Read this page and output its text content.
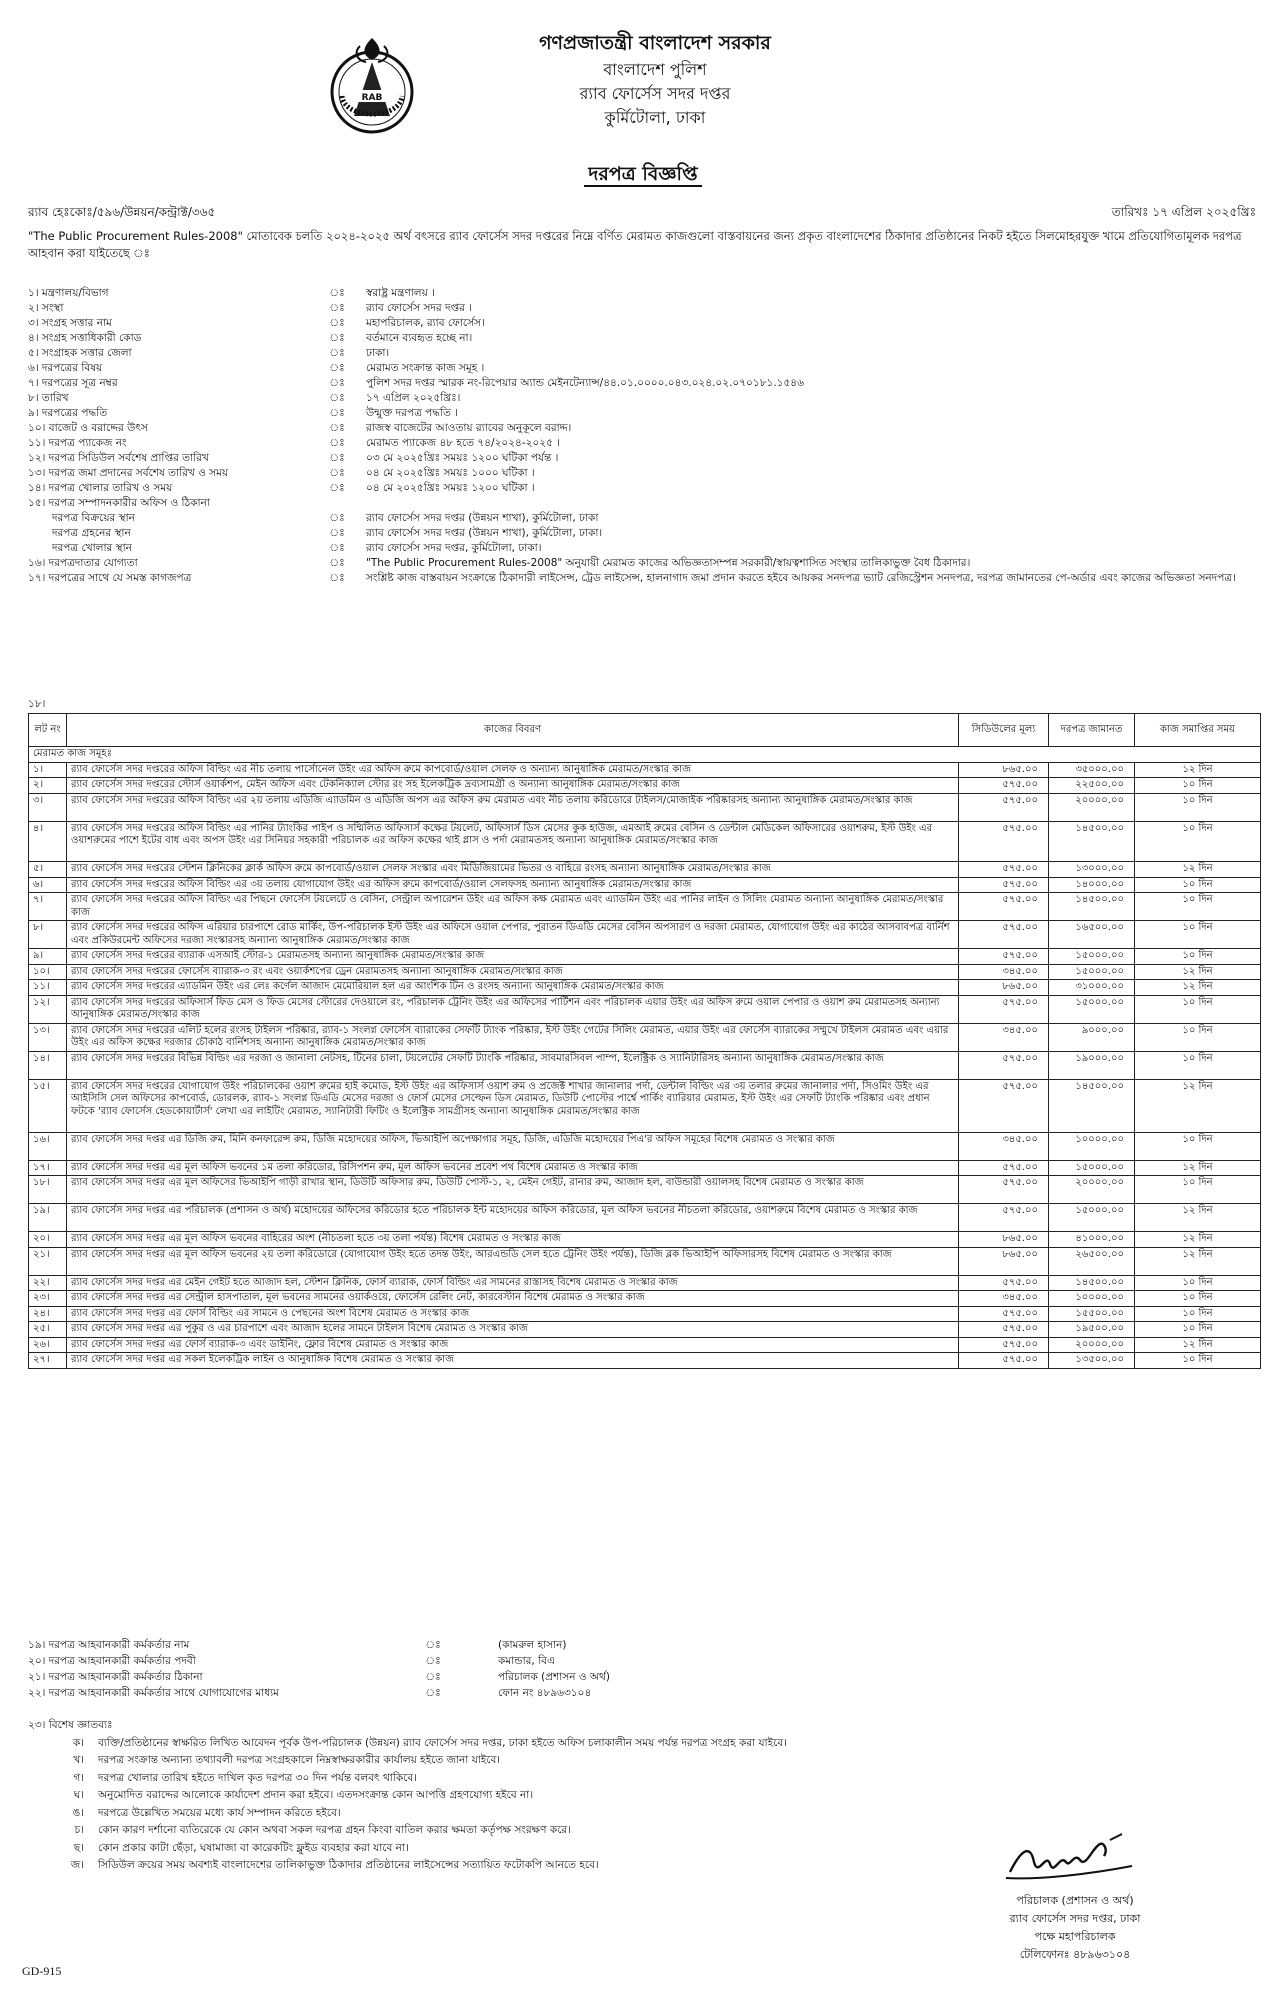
RAB
গণপ্রজাতন্ত্রী বাংলাদেশ সরকার
বাংলাদেশ পুলিশ
র‍্যাব ফোর্সেস সদর দপ্তর
কুর্মিটোলা, ঢাকা
দরপত্র বিজ্ঞপ্তি
র‍্যাব হেঃকোঃ/৫৯৬/উন্নয়ন/কন্ট্রাক্ট/৩৬৫	তারিখঃ ১৭ এপ্রিল ২০২৫খ্রিঃ
"The Public Procurement Rules-2008" মোতাবেক চলতি ২০২৪-২০২৫ অর্থ বৎসরে র‍্যাব ফোর্সেস সদর দপ্তরের নিম্নে বর্ণিত মেরামত কাজগুলো বাস্তবায়নের জন্য প্রকৃত বাংলাদেশের ঠিকাদার প্রতিষ্ঠানের নিকট হইতে সিলমোহরযুক্ত খামে প্রতিযোগিতামূলক দরপত্র আহবান করা যাইতেছে ঃ
১। মন্ত্রণালয়/বিভাগ	ঃ	স্বরাষ্ট্র মন্ত্রণালয় ।
২। সংস্থা	ঃ	র‍্যাব ফোর্সেস সদর দপ্তর ।
৩। সংগ্রহ সত্তার নাম	ঃ	মহাপরিচালক, র‍্যাব ফোর্সেস।
৪। সংগ্রহ সত্তাধিকারী কোড	ঃ	বর্তমানে ব্যবহৃত হচ্ছে না।
৫। সংগ্রাহক সত্তার জেলা	ঃ	ঢাকা।
৬। দরপত্রের বিষয়	ঃ	মেরামত সংক্রান্ত কাজ সমূহ ।
৭। দরপত্রের সূত্র নম্বর	ঃ	পুলিশ সদর দপ্তর স্মারক নং-রিপেয়ার অ্যান্ড মেইনটেন্যান্স/৪৪.০১.০০০০.০৪৩.০২৪.০২.০৭০১৮১.১৫৪৬
৮। তারিখ	ঃ	১৭ এপ্রিল ২০২৫খ্রিঃ।
৯। দরপত্রের পদ্ধতি	ঃ	উন্মুক্ত দরপত্র পদ্ধতি ।
১০। বাজেট ও বরাদ্দের উৎস	ঃ	রাজস্ব বাজেটের আওতায় র‍্যাবের অনুকূলে বরাদ্দ।
১১। দরপত্র প্যাকেজ নং	ঃ	মেরামত প্যাকেজ ৪৮ হতে ৭৪/২০২৪-২০২৫ ।
১২। দরপত্র সিডিউল সর্বশেষ প্রাপ্তির তারিখ	ঃ	০৩ মে ২০২৫খ্রিঃ সময়ঃ ১২০০ ঘটিকা পর্যন্ত ।
১৩। দরপত্র জমা প্রদানের সর্বশেষ তারিখ ও সময়	ঃ	০৪ মে ২০২৫খ্রিঃ সময়ঃ ১০০০ ঘটিকা ।
১৪। দরপত্র খোলার তারিখ ও সময়	ঃ	০৪ মে ২০২৫খ্রিঃ সময়ঃ ১২০০ ঘটিকা ।
১৫। দরপত্র সম্পাদনকারীর অফিস ও ঠিকানা
দরপত্র বিক্রয়ের স্থান	ঃ	র‍্যাব ফোর্সেস সদর দপ্তর (উন্নয়ন শাখা), কুর্মিটোলা, ঢাকা
দরপত্র গ্রহনের স্থান	ঃ	র‍্যাব ফোর্সেস সদর দপ্তর (উন্নয়ন শাখা), কুর্মিটোলা, ঢাকা।
দরপত্র খোলার স্থান	ঃ	র‍্যাব ফোর্সেস সদর দপ্তর, কুর্মিটোলা, ঢাকা।
১৬। দরপত্রদাতার যোগ্যতা	ঃ	"The Public Procurement Rules-2008" অনুযায়ী মেরামত কাজের অভিজ্ঞতাসম্পন্ন সরকারী/স্বায়ত্বশাসিত সংস্থার তালিকাভুক্ত বৈধ ঠিকাদার।
১৭। দরপত্রের সাথে যে সমস্ত কাগজপত্র	ঃ	সংশ্লিষ্ট কাজ বাস্তবায়ন সংক্রান্তে ঠিকাদারী লাইসেন্স, ট্রেড লাইসেন্স, হালনাগাদ জমা প্রদান করতে হইবে আয়কর সনদপত্র ভ্যাট রেজিস্ট্রেশন সনদপত্র, দরপত্র জামানতের পে-অর্ডার এবং কাজের অভিজ্ঞতা সনদপত্র।
১৮।
লট নং	কাজের বিবরণ	সিডিউলের মূল্য	দরপত্র জামানত	কাজ সমাপ্তির সময়
মেরামত কাজ সমূহঃ				
১।	র‍্যাব ফোর্সেস সদর দপ্তরের অফিস বিল্ডিং এর নীচ তলায় পার্সোনেল উইং এর অফিস রুমে কাপবোর্ড/ওয়াল সেলফ ও অন্যান্য আনুষাঙ্গিক মেরামত/সংস্কার কাজ	৮৬৫.০০	৩৫০০০.০০	১২ দিন
২।	র‍্যাব ফোর্সেস সদর দপ্তরের স্টোর্স ওয়ার্কশপ, মেইন অফিস এবং টেকনিক্যাল স্টোর রং সহ ইলেকট্রিক দ্রব্যসামগ্রী ও অন্যান্য আনুষাঙ্গিক মেরামত/সংস্কার কাজ	৫৭৫.০০	২২৫০০.০০	১০ দিন
৩।	র‍্যাব ফোর্সেস সদর দপ্তরের অফিস বিল্ডিং এর ২য় তলায় এডিজি এ্যাডমিন ও এডিজি অপস এর অফিস রুম মেরামত এবং নীচ তলায় করিডোরে টাইলস/মোজাইক পরিষ্কারসহ অন্যান্য আনুষাঙ্গিক মেরামত/সংস্কার কাজ	৫৭৫.০০	২০০০০.০০	১০ দিন
৪।	র‍্যাব ফোর্সেস সদর দপ্তরের অফিস বিল্ডিং এর পানির ট্যাংকির পাইপ ও সম্মিলিত অফিসার্স কক্ষের টয়লেট, অফিসার্স ডিস মেসের কুক হাউজ, এমআই রুমের বেসিন ও ডেন্টাল মেডিকেল অফিসারের ওয়াশরুম, ইস্ট উইং এর ওয়াশরুমের পাশে ইটের বাধ এবং অপস উইং এর সিনিয়র সহকারী পরিচালক এর অফিস কক্ষের থাই গ্লাস ও পর্দা মেরামতসহ অন্যান্য আনুষাঙ্গিক মেরামত/সংস্কার কাজ	৫৭৫.০০	১৪৫০০.০০	১০ দিন
৫।	র‍্যাব ফোর্সেস সদর দপ্তরের স্টেশন ক্লিনিকের ক্লার্ক অফিস রুমে কাপবোর্ড/ওয়াল সেলফ সংস্কার এবং মিডিজিয়ামের ভিতর ও বাহিরে রংসহ অন্যান্য আনুষাঙ্গিক মেরামত/সংস্কার কাজ	৫৭৫.০০	১৩০০০.০০	১২ দিন
৬।	র‍্যাব ফোর্সেস সদর দপ্তরের অফিস বিল্ডিং এর ৩য় তলায় যোগাযোগ উইং এর অফিস রুমে কাপবোর্ড/ওয়াল সেলফসহ অন্যান্য আনুষাঙ্গিক মেরামত/সংস্কার কাজ	৫৭৫.০০	১৪০০০.০০	১০ দিন
৭।	র‍্যাব ফোর্সেস সদর দপ্তরের অফিস বিল্ডিং এর পিছনে ফোর্সেস টয়লেটে ও বেসিন, সেন্ট্রাল অপারেশন উইং এর অফিস কক্ষ মেরামত এবং এ্যাডমিন উইং এর পানির লাইন ও সিলিং মেরামত অন্যান্য আনুষাঙ্গিক মেরামত/সংস্কার কাজ	৫৭৫.০০	১৪৫০০.০০	১০ দিন
৮।	র‍্যাব ফোর্সেস সদর দপ্তরের অফিস এরিয়ার চারপাশে রোড মার্কিং, উপ-পরিচালক ইস্ট উইং এর অফিসে ওয়াল পেপার, পুরাতন ডিএডি মেসের বেসিন অপসারণ ও দরজা মেরামত, যোগাযোগ উইং এর কাঠের আসবাবপত্র বার্নিশ এবং প্রকিউরমেন্ট অফিসের দরজা সংস্কারসহ অন্যান্য আনুষাঙ্গিক মেরামত/সংস্কার কাজ	৫৭৫.০০	১৬৫০০.০০	১০ দিন
৯।	র‍্যাব ফোর্সেস সদর দপ্তরের ব্যারাক এসআই স্টোর-১ মেরামতসহ অন্যান্য আনুষাঙ্গিক মেরামত/সংস্কার কাজ	৫৭৫.০০	১৫০০০.০০	১০ দিন
১০।	র‍্যাব ফোর্সেস সদর দপ্তরের ফোর্সেস ব্যারাক-৩ রং এবং ওয়ার্কশপের ড্রেন মেরামতসহ অন্যান্য আনুষাঙ্গিক মেরামত/সংস্কার কাজ	৩৪৫.০০	১৫০০০.০০	১২ দিন
১১।	র‍্যাব ফোর্সেস সদর দপ্তরের এ্যাডমিন উইং এর লেঃ কর্ণেল আজাদ মেমোরিয়াল হল এর আংশিক টিন ও রংসহ অন্যান্য আনুষাঙ্গিক মেরামত/সংস্কার কাজ	৮৬৫.০০	৩১০০০.০০	১২ দিন
১২।	র‍্যাব ফোর্সেস সদর দপ্তরের অফিসার্স ফিড মেস ও ফিড মেসের স্টোরের দেওয়ালে রং, পরিচালক ট্রেনিং উইং এর অফিসের পার্টিশন এবং পরিচালক এয়ার উইং এর অফিস রুমে ওয়াল পেপার ও ওয়াশ রুম মেরামতসহ অন্যান্য আনুষাঙ্গিক মেরামত/সংস্কার কাজ	৫৭৫.০০	১৫০০০.০০	১০ দিন
১৩।	র‍্যাব ফোর্সেস সদর দপ্তরের এলিট হলের রংসহ টাইলস পরিষ্কার, র‍্যাব-১ সংলগ্ন ফোর্সেস ব্যারাকের সেফটি ট্যাংক পরিষ্কার, ইস্ট উইং গেটের সিলিং মেরামত, এয়ার উইং এর ফোর্সেস ব্যারাকের সম্মুখে টাইলস মেরামত এবং এয়ার উইং এর অফিস কক্ষের দরজার চৌকাঠ বার্নিশসহ অন্যান্য আনুষাঙ্গিক মেরামত/সংস্কার কাজ	৩৪৫.০০	৯০০০.০০	১০ দিন
১৪।	র‍্যাব ফোর্সেস সদর দপ্তরের বিভিন্ন বিল্ডিং এর দরজা ও জানালা নেটসহ, টিনের চালা, টয়লেটের সেফটি ট্যাংকি পরিষ্কার, সাবমারসিবল পাম্প, ইলেক্ট্রিক ও স্যানিটারিসহ অন্যান্য আনুষাঙ্গিক মেরামত/সংস্কার কাজ	৫৭৫.০০	১৯০০০.০০	১০ দিন
১৫।	র‍্যাব ফোর্সেস সদর দপ্তরের যোগাযোগ উইং পরিচালকের ওয়াশ রুমের হাই কমোড, ইস্ট উইং এর অফিসার্স ওয়াশ রুম ও প্রজেক্ট শাখার জানালার পর্দা, ডেন্টাল বিল্ডিং এর ৩য় তলার রুমের জানালার পর্দা, সিওমিং উইং এর আইসিসি সেল অফিসের কাপবোর্ড, ডোরলক, র‍্যাব-১ সংলগ্ন ডিএডি মেসের দরজা ও ফোর্স মেসের সেল্ফেন ডিস মেরামত, ডিউটি পোস্টের পার্শ্বে পার্কিং ব্যারিয়ার মেরামত, ইস্ট উইং এর সেফটি ট্যাংকি পরিষ্কার এবং প্রধান ফটকে 'র‍্যাব ফোর্সেস হেডকোয়ার্টার্স' লেখা এর লাইটিং মেরামত, স্যানিটারী ফিটিং ও ইলেক্ট্রিক সামগ্রীসহ অন্যান্য আনুষাঙ্গিক মেরামত/সংস্কার কাজ	৫৭৫.০০	১৪৫০০.০০	১২ দিন
১৬।	র‍্যাব ফোর্সেস সদর দপ্তর এর ডিজি রুম, মিনি কনফারেন্স রুম, ডিজি মহোদয়ের অফিস, ভিআইপি অপেক্ষাগার সমূহ, ডিজি, এডিজি মহোদয়ের পিএ'র অফিস সমূহের বিশেষ মেরামত ও সংস্কার কাজ	৩৪৫.০০	১০০০০.০০	১০ দিন
১৭।	র‍্যাব ফোর্সেস সদর দপ্তর এর মূল অফিস ভবনের ১ম তলা করিডোর, রিসিপশন রুম, মূল অফিস ভবনের প্রবেশ পথ বিশেষ মেরামত ও সংস্কার কাজ	৫৭৫.০০	১৫০০০.০০	১২ দিন
১৮।	র‍্যাব ফোর্সেস সদর দপ্তর এর মূল অফিসের ভিআইপি গাড়ী রাখার স্থান, ডিউটি অফিসার রুম, ডিউটি পোস্ট-১, ২, মেইন গেইট, রানার রুম, আজাদ হল, বাউন্ডারী ওয়ালসহ বিশেষ মেরামত ও সংস্কার কাজ	৫৭৫.০০	২০০০০.০০	১০ দিন
১৯।	র‍্যাব ফোর্সেস সদর দপ্তর এর পরিচালক (প্রশাসন ও অর্থ) মহোদয়ের অফিসের করিডোর হতে পরিচালক ইন্ট মহোদয়ের অফিস করিডোর, মূল অফিস ভবনের নীচতলা করিডোর, ওয়াশরুমে বিশেষ মেরামত ও সংস্কার কাজ	৫৭৫.০০	১৫০০০.০০	১২ দিন
২০।	র‍্যাব ফোর্সেস সদর দপ্তর এর মূল অফিস ভবনের বাহিরের অংশ (নীচতলা হতে ৩য় তলা পর্যন্ত) বিশেষ মেরামত ও সংস্কার কাজ	৮৬৫.০০	৪১০০০.০০	১২ দিন
২১।	র‍্যাব ফোর্সেস সদর দপ্তর এর মূল অফিস ভবনের ২য় তলা করিডোরে (যোগাযোগ উইং হতে তদন্ত উইং, আরএন্ডডি সেল হতে ট্রেনিং উইং পর্যন্ত), ডিজি ব্লক ভিআইপি অফিসারসহ বিশেষ মেরামত ও সংস্কার কাজ	৮৬৫.০০	২৬৫০০.০০	১২ দিন
২২।	র‍্যাব ফোর্সেস সদর দপ্তর এর মেইন গেইট হতে আজাদ হল, স্টেশন ক্লিনিক, ফোর্স ব্যারাক, ফোর্স বিল্ডিং এর সামনের রাস্তাসহ বিশেষ মেরামত ও সংস্কার কাজ	৫৭৫.০০	১৪৫০০.০০	১০ দিন
২৩।	র‍্যাব ফোর্সেস সদর দপ্তর এর সেন্ট্রাল হাসপাতাল, মূল ভবনের সামনের ওয়ার্কওয়ে, ফোর্সেস রেলিং নেট, কারবেস্টান বিশেষ মেরামত ও সংস্কার কাজ	৩৪৫.০০	১০০০০.০০	১০ দিন
২৪।	র‍্যাব ফোর্সেস সদর দপ্তর এর ফোর্স বিল্ডিং এর সামনে ও পেছনের অংশ বিশেষ মেরামত ও সংস্কার কাজ	৫৭৫.০০	১৫৫০০.০০	১০ দিন
২৫।	র‍্যাব ফোর্সেস সদর দপ্তর এর পুকুর ও এর চারপাশে এবং আজাদ হলের সামনে টাইলস বিশেষ মেরামত ও সংস্কার কাজ	৫৭৫.০০	১৯৫০০.০০	১০ দিন
২৬।	র‍্যাব ফোর্সেস সদর দপ্তর এর ফোর্স ব্যারাক-৩ এবং ডাইনিং, ফ্লোর বিশেষ মেরামত ও সংস্কার কাজ	৫৭৫.০০	২০০০০.০০	১২ দিন
২৭।	র‍্যাব ফোর্সেস সদর দপ্তর এর সকল ইলেকট্রিক লাইন ও আনুষাঙ্গিক বিশেষ মেরামত ও সংস্কার কাজ	৫৭৫.০০	১৩৫০০.০০	১০ দিন
১৯। দরপত্র আহবানকারী কর্মকর্তার নাম	ঃ	(কামরুল হাসান)
২০। দরপত্র আহবানকারী কর্মকর্তার পদবী	ঃ	কমান্ডার, বিএ
২১। দরপত্র আহবানকারী কর্মকর্তার ঠিকানা	ঃ	পরিচালক (প্রশাসন ও অর্থ)
২২। দরপত্র আহবানকারী কর্মকর্তার সাথে যোগাযোগের মাধ্যম	ঃ	ফোন নং ৪৮৯৬৩১০৪
২৩। বিশেষ জ্ঞাতব্যঃ
ক।	ব্যক্তি/প্রতিষ্ঠানের স্বাক্ষরিত লিখিত আবেদন পূর্বক উপ-পরিচালক (উন্নয়ন) র‍্যাব ফোর্সেস সদর দপ্তর, ঢাকা হইতে অফিস চলাকালীন সময় পর্যন্ত দরপত্র সংগ্রহ করা যাইবে।
খ।	দরপত্র সংক্রান্ত অন্যান্য তথ্যাবলী দরপত্র সংগ্রহকালে নিম্নস্বাক্ষরকারীর কার্যালয় হইতে জানা যাইবে।
গ।	দরপত্র খোলার তারিখ হইতে দাখিল কৃত দরপত্র ৩০ দিন পর্যন্ত বলবৎ থাকিবে।
ঘ।	অনুমোদিত বরাদ্দের আলোকে কার্যাদেশ প্রদান করা হইবে। এতদসংক্রান্ত কোন আপত্তি গ্রহণযোগ্য হইবে না।
ঙ।	দরপত্রে উল্লেখিত সময়ের মধ্যে কার্য সম্পাদন করিতে হইবে।
চ।	কোন কারণ দর্শানো ব্যতিরেকে যে কোন অথবা সকল দরপত্র গ্রহন কিংবা বাতিল করার ক্ষমতা কর্তৃপক্ষ সংরক্ষণ করে।
ছ।	কোন প্রকার কাটা ছেঁড়া, ঘষামাজা বা কারেকটিং ফ্লুইড ব্যবহার করা যাবে না।
জ।	সিডিউল ক্রয়ের সময় অবশ্যই বাংলাদেশের তালিকাভুক্ত ঠিকাদার প্রতিষ্ঠানের লাইসেন্সের সত্যায়িত ফটোকপি আনতে হবে।
পরিচালক (প্রশাসন ও অর্থ)
র‍্যাব ফোর্সেস সদর দপ্তর, ঢাকা
পক্ষে মহাপরিচালক
টেলিফোনঃ ৪৮৯৬৩১০৪
GD-915
